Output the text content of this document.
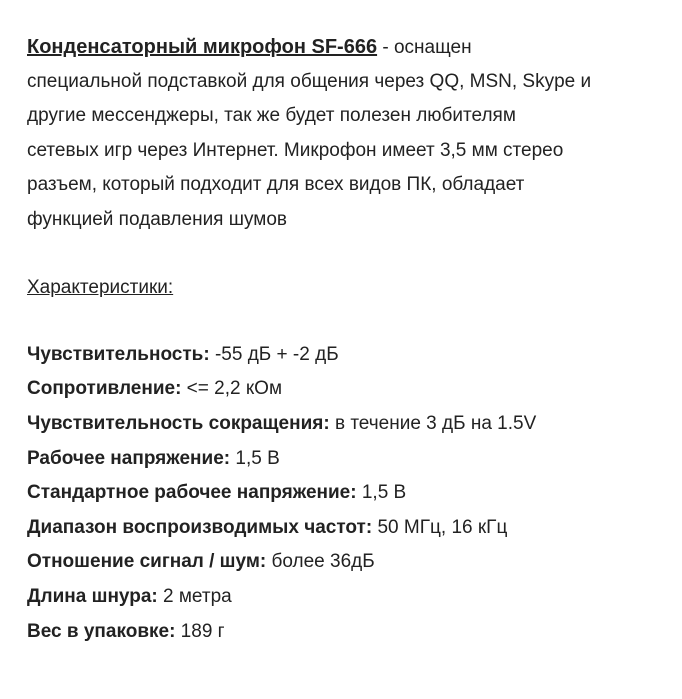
Конденсаторный микрофон SF-666 - оснащен
специальной подставкой для общения через QQ, MSN, Skype и
другие мессенджеры, так же будет полезен любителям
сетевых игр через Интернет. Микрофон имеет 3,5 мм стерео
разъем, который подходит для всех видов ПК, обладает
функцией подавления шумов
Характеристики:
Чувствительность: -55 дБ + -2 дБ
Сопротивление: <= 2,2 кОм
Чувствительность сокращения: в течение 3 дБ на 1.5V
Рабочее напряжение: 1,5 В
Стандартное рабочее напряжение: 1,5 В
Диапазон воспроизводимых частот: 50 МГц, 16 кГц
Отношение сигнал / шум: более 36дБ
Длина шнура: 2 метра
Вес в упаковке: 189 г
